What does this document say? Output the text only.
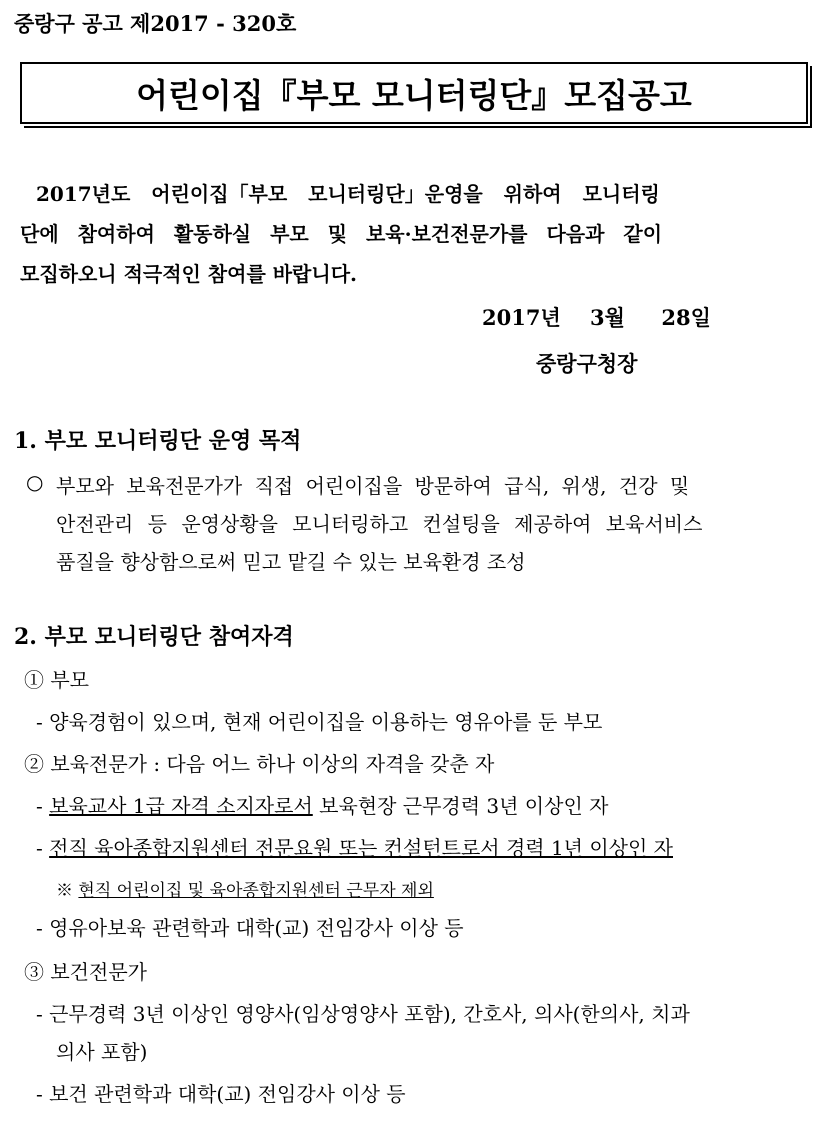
중랑구 공고 제2017 - 320호
어린이집『부모 모니터링단』모집공고
2017년도 어린이집「부모 모니터링단」운영을 위하여 모니터링
단에 참여하여 활동하실 부모 및 보육·보건전문가를 다음과 같이
모집하오니 적극적인 참여를 바랍니다.
2017년    3월     28일
중랑구청장
1. 부모 모니터링단 운영 목적
○ 부모와 보육전문가가 직접 어린이집을 방문하여 급식, 위생, 건강 및
안전관리 등 운영상황을 모니터링하고 컨설팅을 제공하여 보육서비스
품질을 향상함으로써 믿고 맡길 수 있는 보육환경 조성
2. 부모 모니터링단 참여자격
① 부모
- 양육경험이 있으며, 현재 어린이집을 이용하는 영유아를 둔 부모
② 보육전문가 : 다음 어느 하나 이상의 자격을 갖춘 자
- 보육교사 1급 자격 소지자로서 보육현장 근무경력 3년 이상인 자
- 전직 육아종합지원센터 전문요원 또는 컨설턴트로서 경력 1년 이상인 자
※ 현직 어린이집 및 육아종합지원센터 근무자 제외
- 영유아보육 관련학과 대학(교) 전임강사 이상 등
③ 보건전문가
- 근무경력 3년 이상인 영양사(임상영양사 포함), 간호사, 의사(한의사, 치과
의사 포함)
- 보건 관련학과 대학(교) 전임강사 이상 등
